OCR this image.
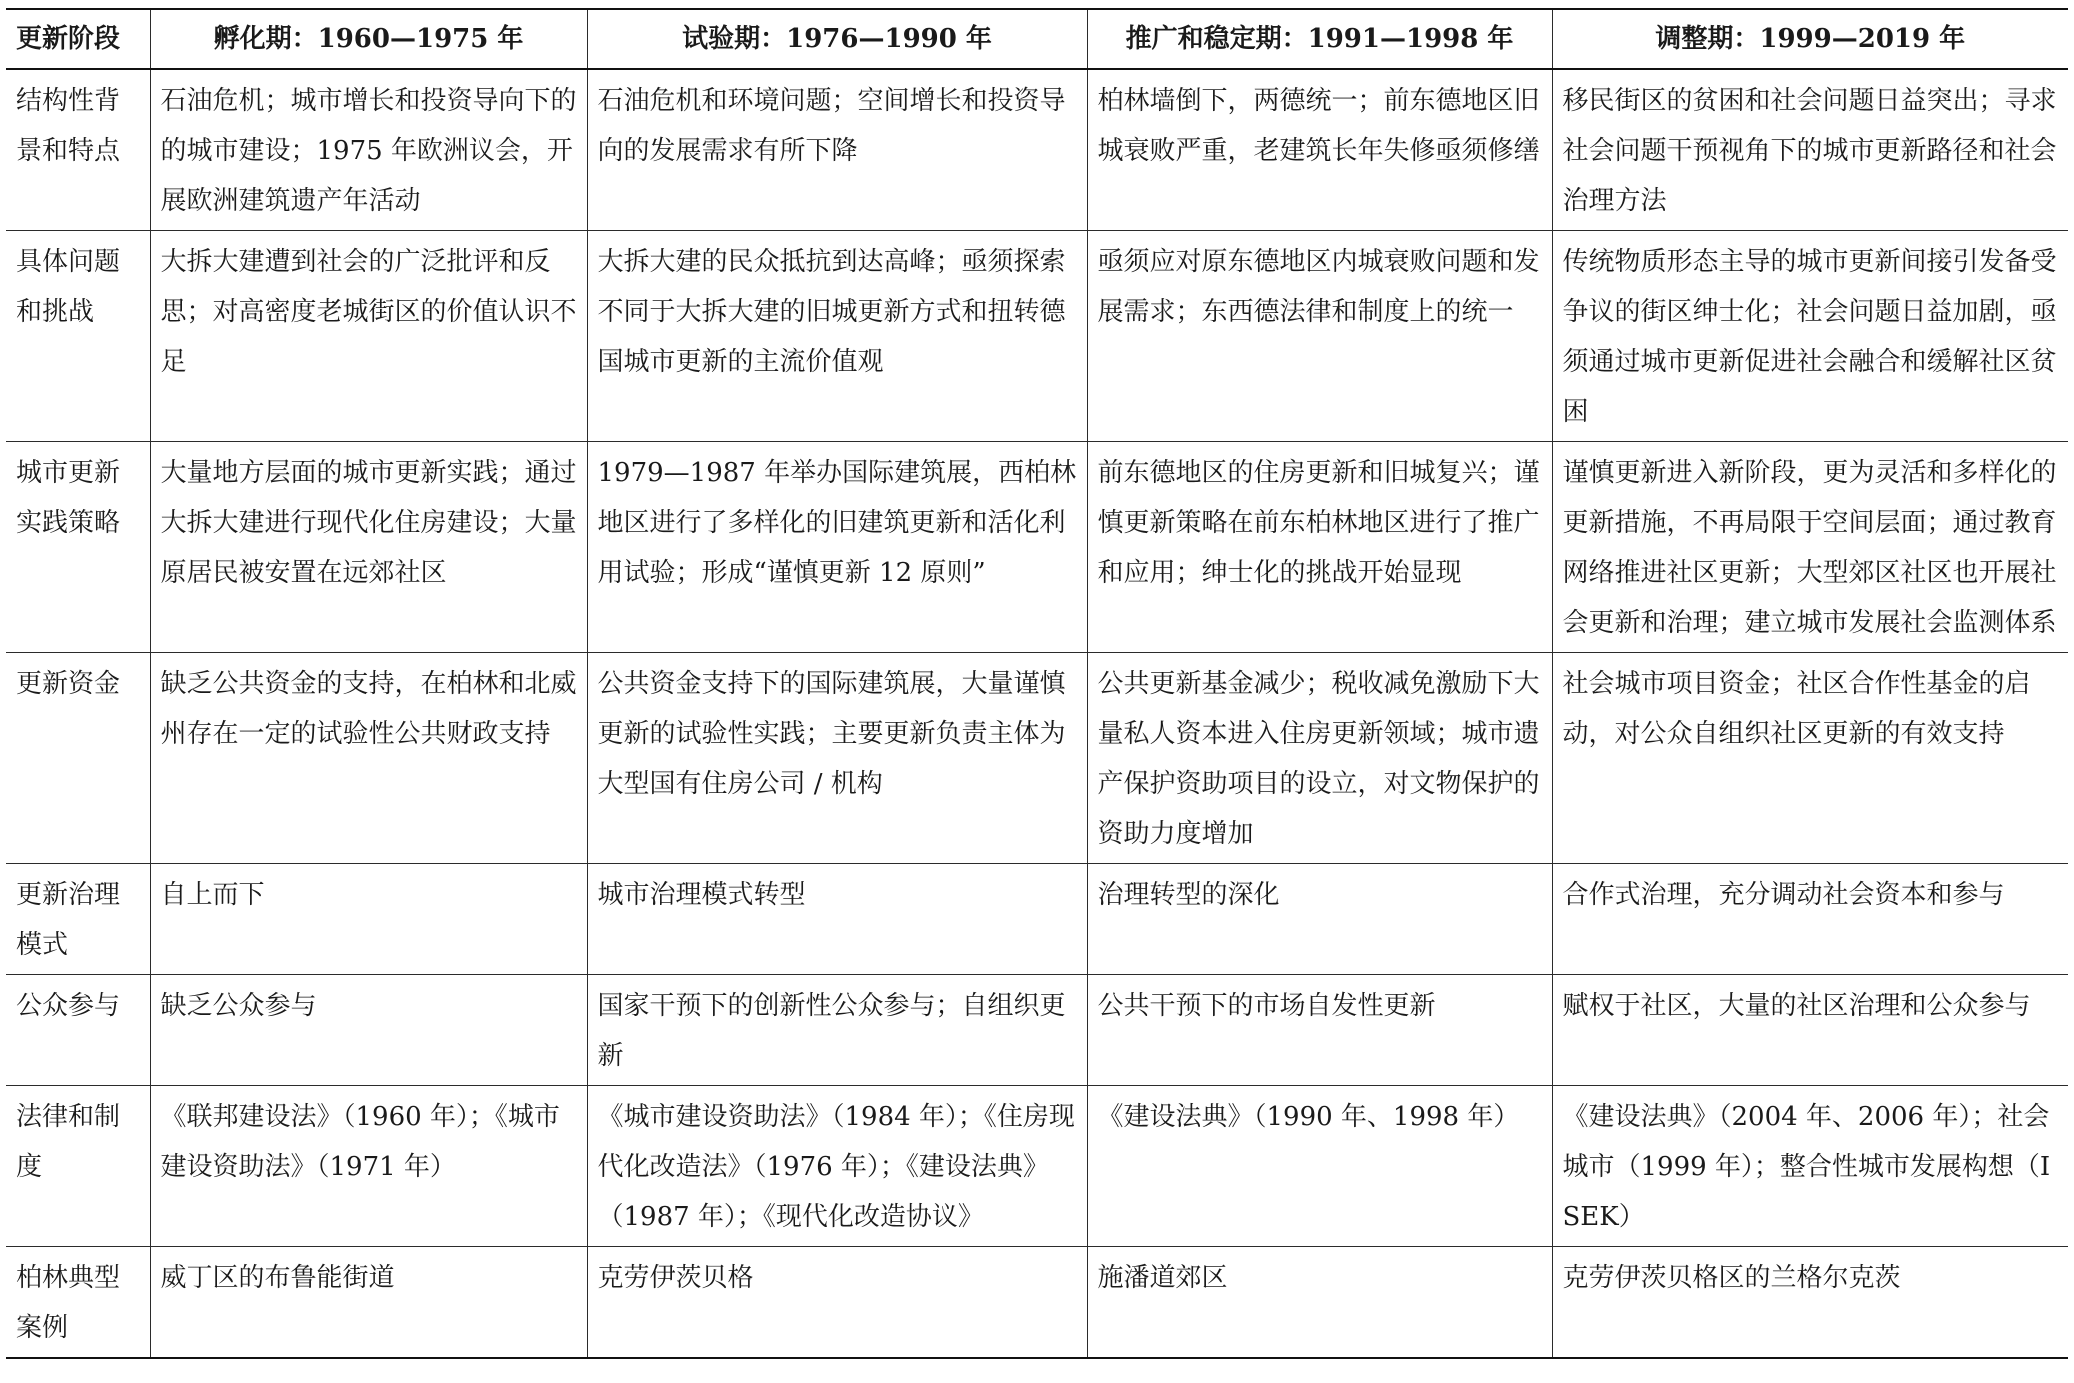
更新阶段	孵化期：1960—1975 年	试验期：1976—1990 年	推广和稳定期：1991—1998 年	调整期：1999—2019 年
结构性背景和特点	石油危机；城市增长和投资导向下的的城市建设；1975 年欧洲议会，开展欧洲建筑遗产年活动	石油危机和环境问题；空间增长和投资导向的发展需求有所下降	柏林墙倒下，两德统一；前东德地区旧城衰败严重，老建筑长年失修亟须修缮	移民街区的贫困和社会问题日益突出；寻求社会问题干预视角下的城市更新路径和社会治理方法
具体问题和挑战	大拆大建遭到社会的广泛批评和反思；对高密度老城街区的价值认识不足	大拆大建的民众抵抗到达高峰；亟须探索不同于大拆大建的旧城更新方式和扭转德国城市更新的主流价值观	亟须应对原东德地区内城衰败问题和发展需求；东西德法律和制度上的统一	传统物质形态主导的城市更新间接引发备受争议的街区绅士化；社会问题日益加剧，亟须通过城市更新促进社会融合和缓解社区贫困
城市更新实践策略	大量地方层面的城市更新实践；通过大拆大建进行现代化住房建设；大量原居民被安置在远郊社区	1979—1987 年举办国际建筑展，西柏林地区进行了多样化的旧建筑更新和活化利用试验；形成“谨慎更新 12 原则”	前东德地区的住房更新和旧城复兴；谨慎更新策略在前东柏林地区进行了推广和应用；绅士化的挑战开始显现	谨慎更新进入新阶段，更为灵活和多样化的更新措施，不再局限于空间层面；通过教育网络推进社区更新；大型郊区社区也开展社会更新和治理；建立城市发展社会监测体系
更新资金	缺乏公共资金的支持，在柏林和北威州存在一定的试验性公共财政支持	公共资金支持下的国际建筑展，大量谨慎更新的试验性实践；主要更新负责主体为大型国有住房公司 / 机构	公共更新基金减少；税收减免激励下大量私人资本进入住房更新领域；城市遗产保护资助项目的设立，对文物保护的资助力度增加	社会城市项目资金；社区合作性基金的启动，对公众自组织社区更新的有效支持
更新治理模式	自上而下	城市治理模式转型	治理转型的深化	合作式治理，充分调动社会资本和参与
公众参与	缺乏公众参与	国家干预下的创新性公众参与；自组织更新	公共干预下的市场自发性更新	赋权于社区，大量的社区治理和公众参与
法律和制度	《联邦建设法》（1960 年）；《城市建设资助法》（1971 年）	《城市建设资助法》（1984 年）；《住房现代化改造法》（1976 年）；《建设法典》（1987 年）；《现代化改造协议》	《建设法典》（1990 年、1998 年）	《建设法典》（2004 年、2006 年）；社会城市（1999 年）；整合性城市发展构想（ISEK）
柏林典型案例	威丁区的布鲁能街道	克劳伊茨贝格	施潘道郊区	克劳伊茨贝格区的兰格尔克茨
